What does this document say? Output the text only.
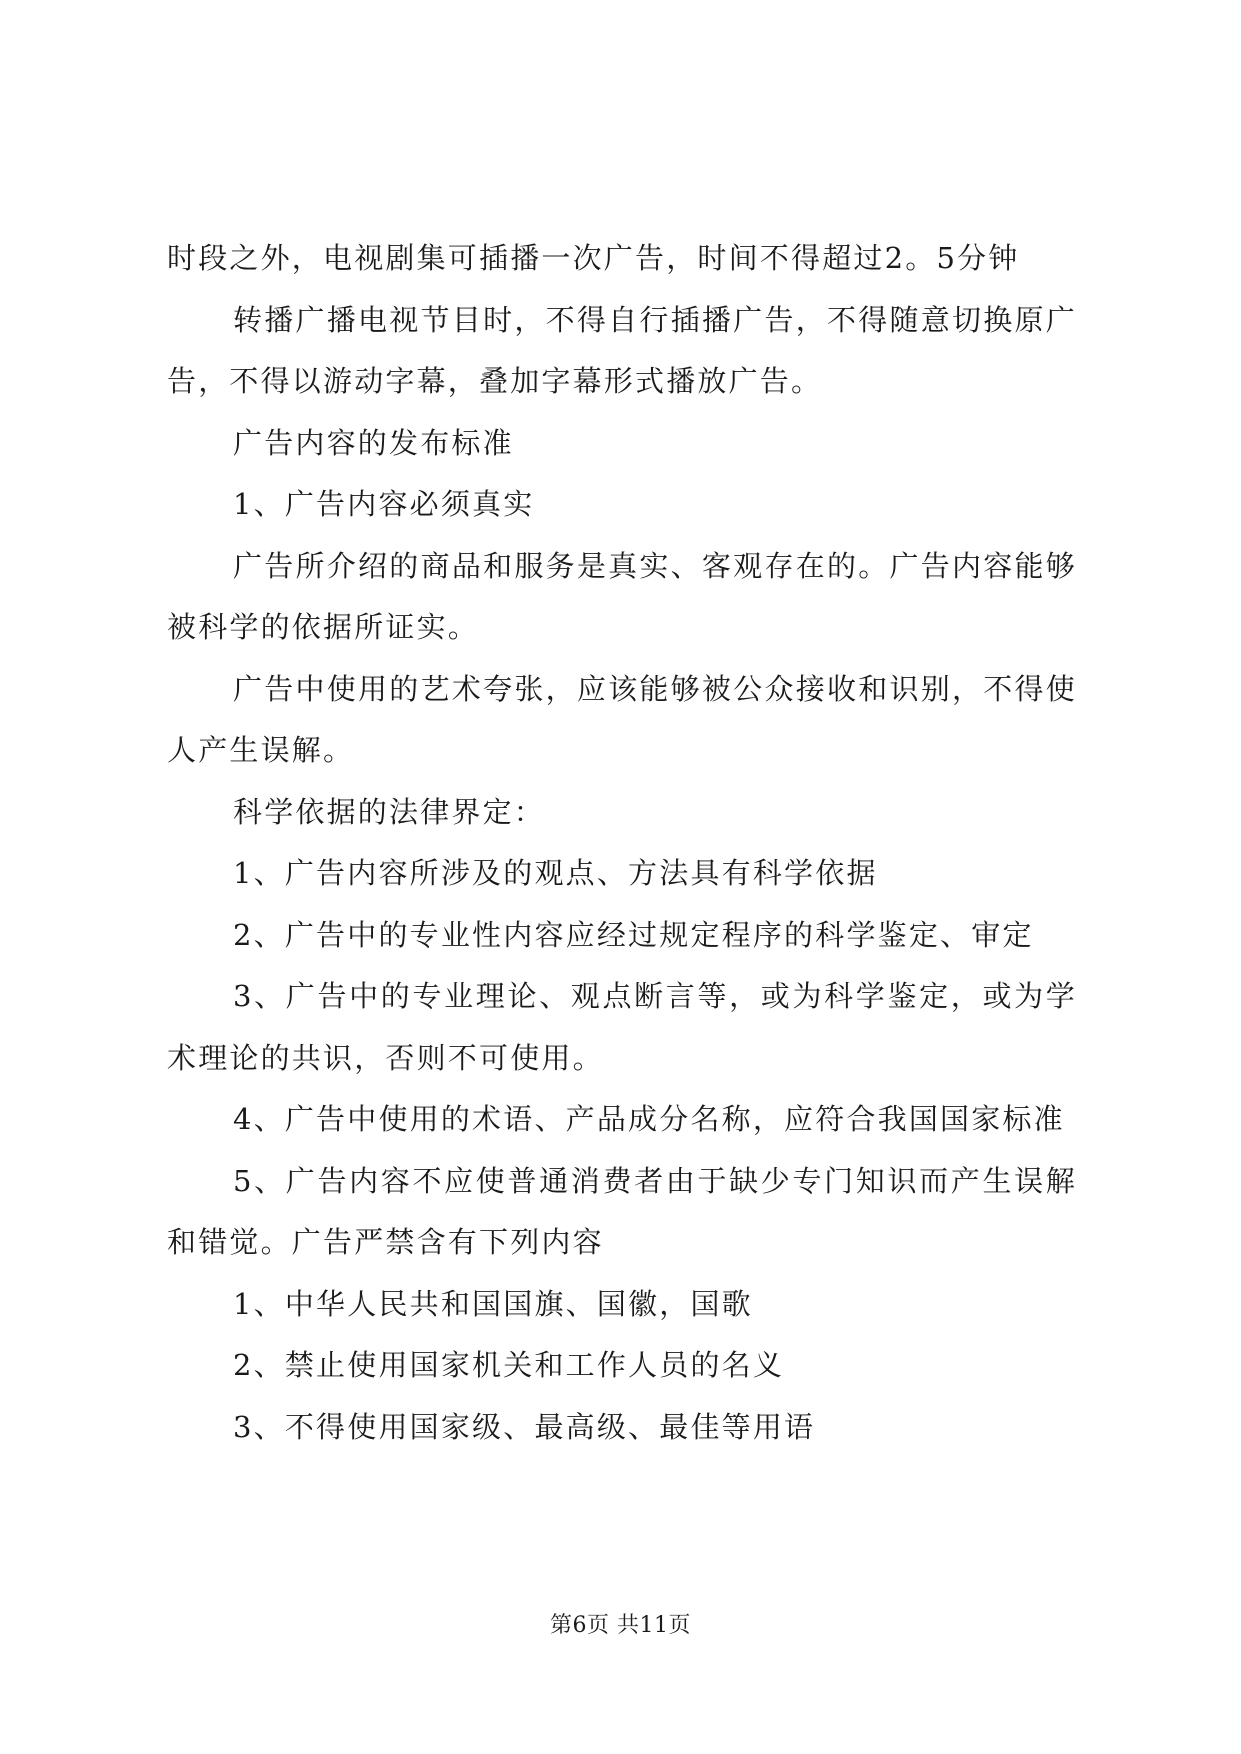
时段之外，电视剧集可插播一次广告，时间不得超过2。5分钟

转播广播电视节目时，不得自行插播广告，不得随意切换原广告，不得以游动字幕，叠加字幕形式播放广告。

广告内容的发布标准

1、广告内容必须真实

广告所介绍的商品和服务是真实、客观存在的。广告内容能够被科学的依据所证实。

广告中使用的艺术夸张，应该能够被公众接收和识别，不得使人产生误解。

科学依据的法律界定：

1、广告内容所涉及的观点、方法具有科学依据

2、广告中的专业性内容应经过规定程序的科学鉴定、审定

3、广告中的专业理论、观点断言等，或为科学鉴定，或为学术理论的共识，否则不可使用。

4、广告中使用的术语、产品成分名称，应符合我国国家标准

5、广告内容不应使普通消费者由于缺少专门知识而产生误解和错觉。广告严禁含有下列内容

1、中华人民共和国国旗、国徽，国歌

2、禁止使用国家机关和工作人员的名义

3、不得使用国家级、最高级、最佳等用语

第6页 共11页
